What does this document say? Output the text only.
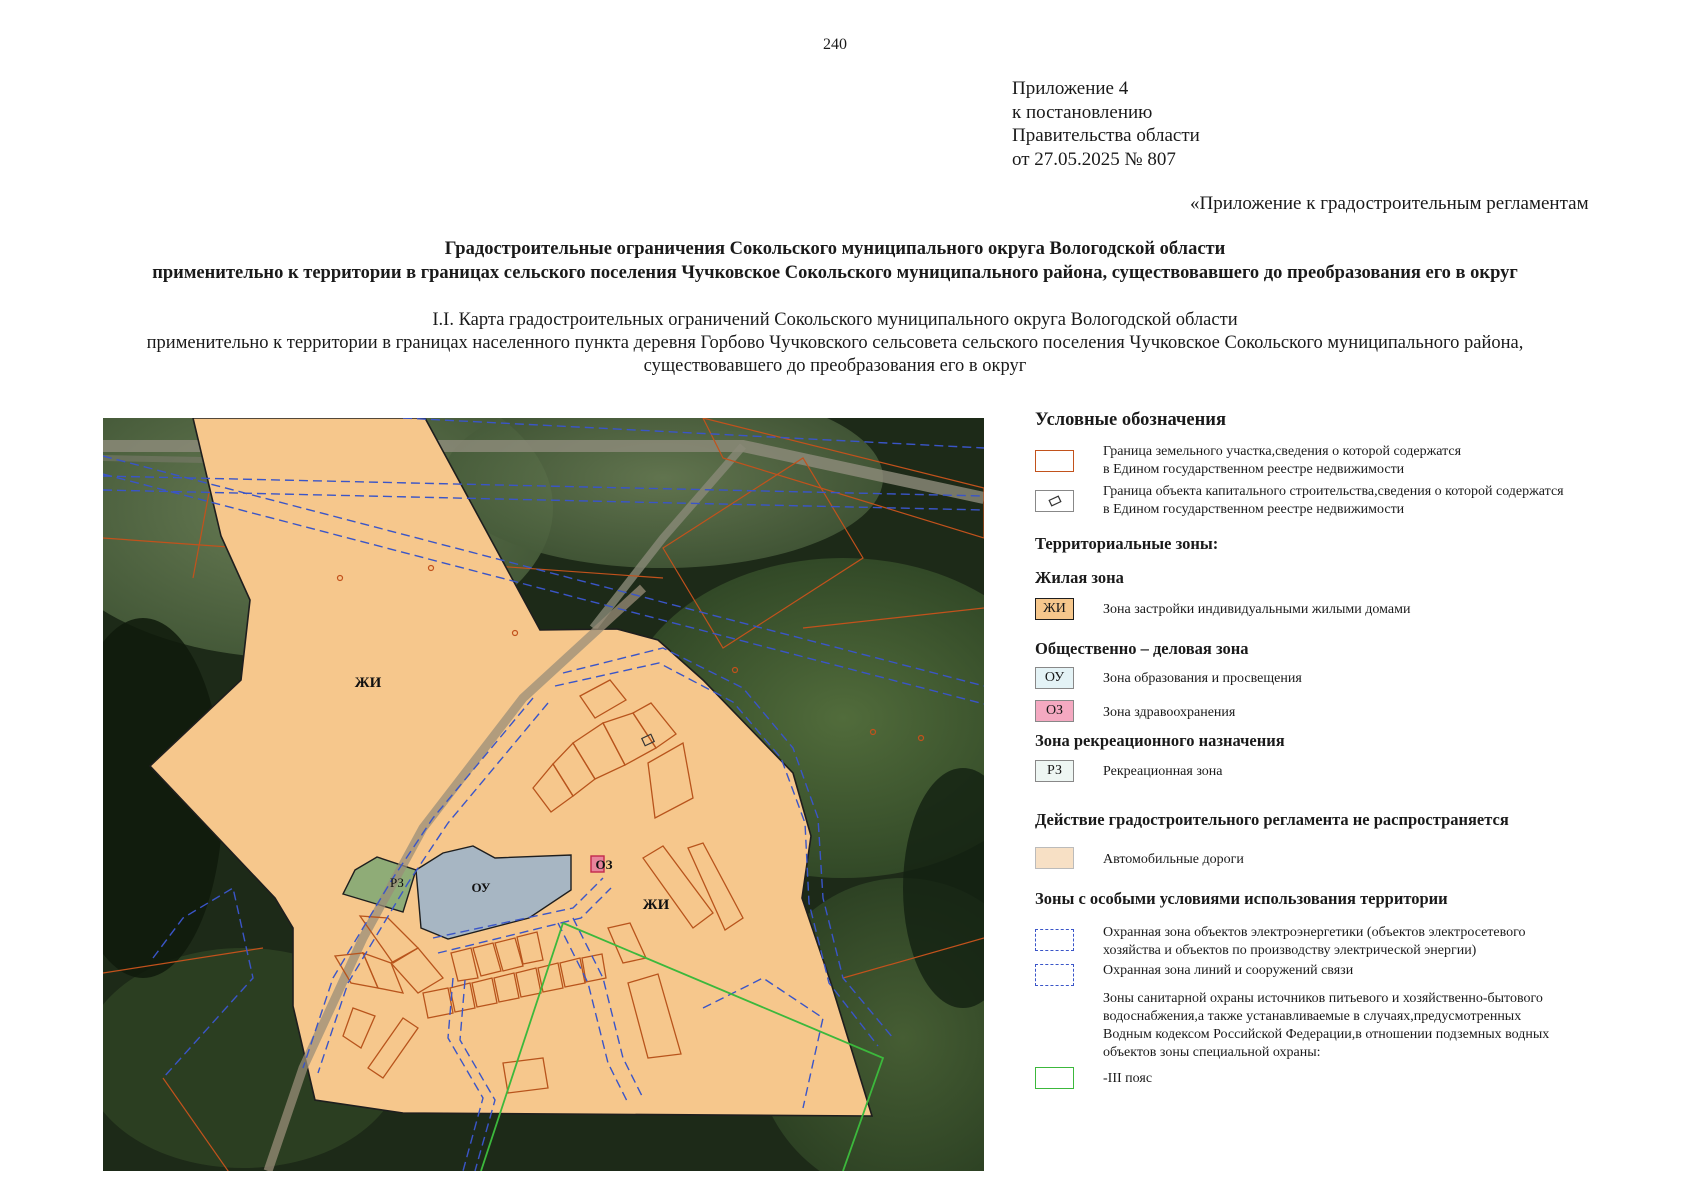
240
Приложение 4
к постановлению
Правительства области
от 27.05.2025 № 807
«Приложение к градостроительным регламентам
Градостроительные ограничения Сокольского муниципального округа Вологодской области
применительно к территории в границах сельского поселения Чучковское Сокольского муниципального района, существовавшего до преобразования его в округ
I.I. Карта градостроительных ограничений Сокольского муниципального округа Вологодской области
применительно к территории в границах населенного пункта деревня Горбово Чучковского сельсовета сельского поселения Чучковское Сокольского муниципального района,
существовавшего до преобразования его в округ
ЖИ
ЖИ
РЗ	ОУ
ОЗ
Условные обозначения
Граница земельного участка,сведения о которой содержатся
в Едином государственном реестре недвижимости
Граница объекта капитального строительства,сведения о которой содержатся
в Едином государственном реестре недвижимости
Территориальные зоны:
Жилая зона
ЖИ	Зона застройки индивидуальными жилыми домами
Общественно – деловая зона
ОУ	Зона образования и просвещения
ОЗ	Зона здравоохранения
Зона рекреационного назначения
РЗ	Рекреационная зона
Действие градостроительного регламента не распространяется
Автомобильные дороги
Зоны с особыми условиями использования территории
Охранная зона объектов электроэнергетики (объектов электросетевого
хозяйства и объектов по производству электрической энергии)
Охранная зона линий и сооружений связи
Зоны санитарной охраны источников питьевого и хозяйственно-бытового
водоснабжения,а также устанавливаемые в случаях,предусмотренных
Водным кодексом Российской Федерации,в отношении подземных водных
объектов зоны специальной охраны:
-III пояс
